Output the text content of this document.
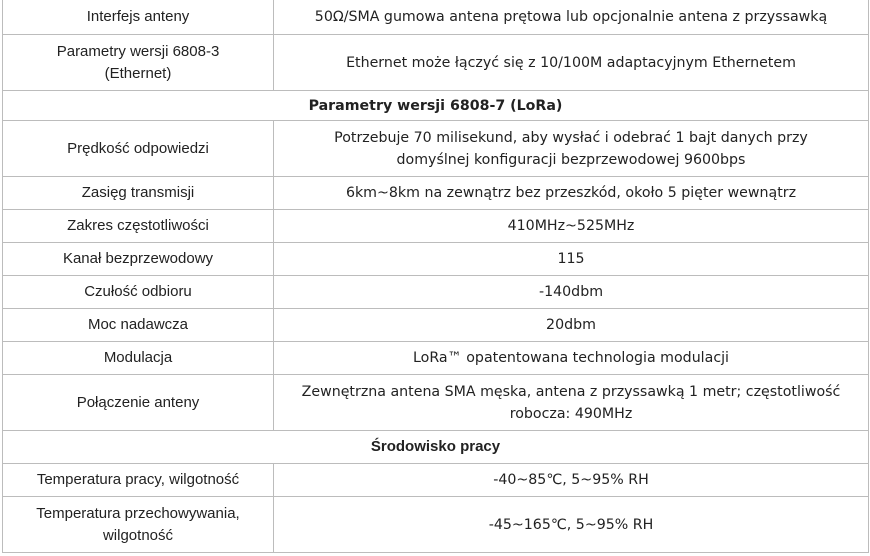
Interfejs anteny	50Ω/SMA gumowa antena prętowa lub opcjonalnie antena z przyssawką
Parametry wersji 6808-3 (Ethernet)	Ethernet może łączyć się z 10/100M adaptacyjnym Ethernetem
Parametry wersji 6808-7 (LoRa)	
Prędkość odpowiedzi	Potrzebuje 70 milisekund, aby wysłać i odebrać 1 bajt danych przy domyślnej konfiguracji bezprzewodowej 9600bps
Zasięg transmisji	6km~8km na zewnątrz bez przeszkód, około 5 pięter wewnątrz
Zakres częstotliwości	410MHz~525MHz
Kanał bezprzewodowy	115
Czułość odbioru	-140dbm
Moc nadawcza	20dbm
Modulacja	LoRa™ opatentowana technologia modulacji
Połączenie anteny	Zewnętrzna antena SMA męska, antena z przyssawką 1 metr; częstotliwość robocza: 490MHz
Środowisko pracy	
Temperatura pracy, wilgotność	-40~85℃, 5~95% RH
Temperatura przechowywania, wilgotność	-45~165℃, 5~95% RH
